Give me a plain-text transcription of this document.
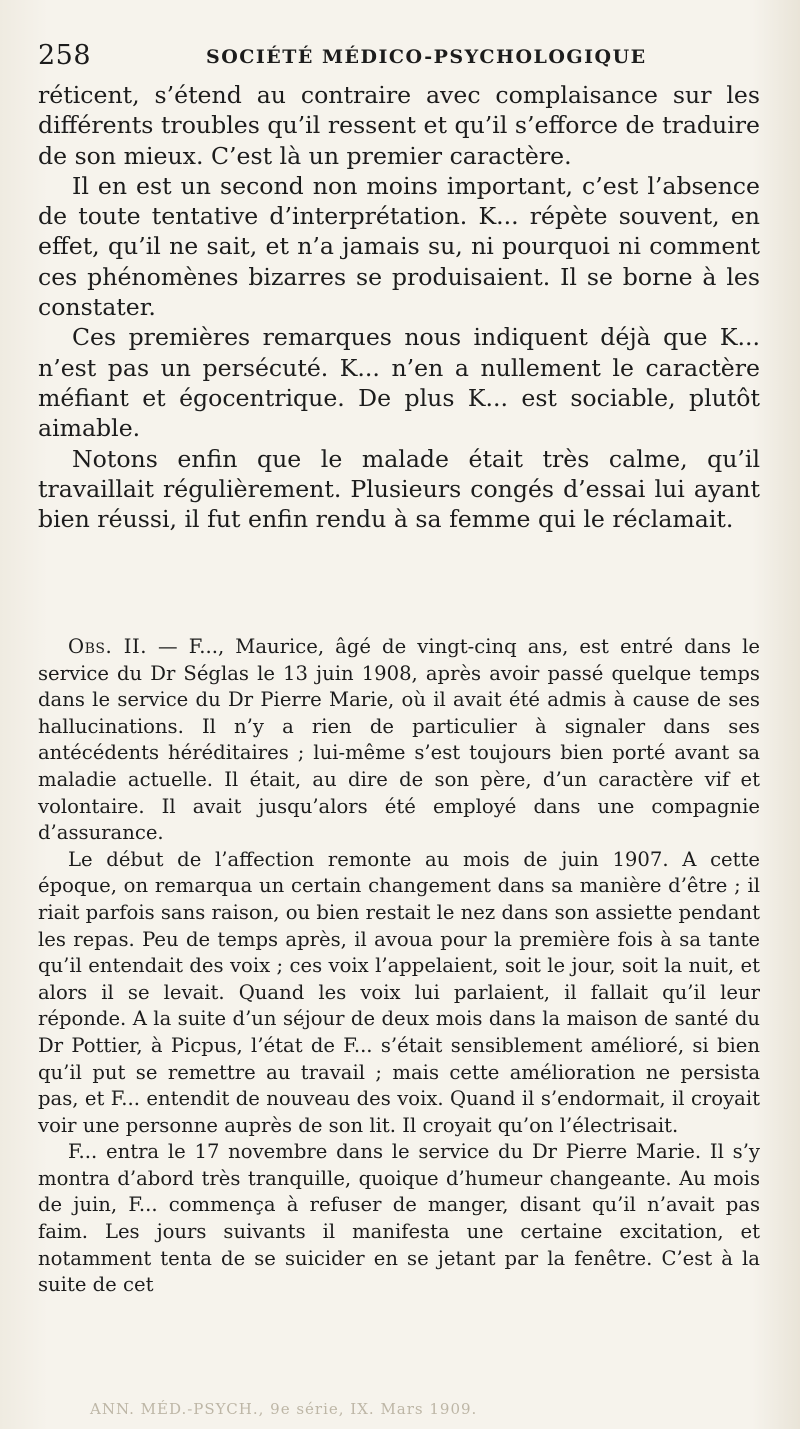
258	SOCIÉTÉ MÉDICO-PSYCHOLOGIQUE

réticent, s’étend au contraire avec complaisance sur les différents troubles qu’il ressent et qu’il s’efforce de traduire de son mieux. C’est là un premier caractère.

Il en est un second non moins important, c’est l’absence de toute tentative d’interprétation. K... répète souvent, en effet, qu’il ne sait, et n’a jamais su, ni pourquoi ni comment ces phénomènes bizarres se produisaient. Il se borne à les constater.

Ces premières remarques nous indiquent déjà que K... n’est pas un persécuté. K... n’en a nullement le caractère méfiant et égocentrique. De plus K... est sociable, plutôt aimable.

Notons enfin que le malade était très calme, qu’il travaillait régulièrement. Plusieurs congés d’essai lui ayant bien réussi, il fut enfin rendu à sa femme qui le réclamait.

Obs. II. — F..., Maurice, âgé de vingt-cinq ans, est entré dans le service du Dr Séglas le 13 juin 1908, après avoir passé quelque temps dans le service du Dr Pierre Marie, où il avait été admis à cause de ses hallucinations. Il n’y a rien de particulier à signaler dans ses antécédents héréditaires ; lui-même s’est toujours bien porté avant sa maladie actuelle. Il était, au dire de son père, d’un caractère vif et volontaire. Il avait jusqu’alors été employé dans une compagnie d’assurance.

Le début de l’affection remonte au mois de juin 1907. A cette époque, on remarqua un certain changement dans sa manière d’être ; il riait parfois sans raison, ou bien restait le nez dans son assiette pendant les repas. Peu de temps après, il avoua pour la première fois à sa tante qu’il entendait des voix ; ces voix l’appelaient, soit le jour, soit la nuit, et alors il se levait. Quand les voix lui parlaient, il fallait qu’il leur réponde. A la suite d’un séjour de deux mois dans la maison de santé du Dr Pottier, à Picpus, l’état de F... s’était sensiblement amélioré, si bien qu’il put se remettre au travail ; mais cette amélioration ne persista pas, et F... entendit de nouveau des voix. Quand il s’endormait, il croyait voir une personne auprès de son lit. Il croyait qu’on l’électrisait.

F... entra le 17 novembre dans le service du Dr Pierre Marie. Il s’y montra d’abord très tranquille, quoique d’humeur changeante. Au mois de juin, F... commença à refuser de manger, disant qu’il n’avait pas faim. Les jours suivants il manifesta une certaine excitation, et notamment tenta de se suicider en se jetant par la fenêtre. C’est à la suite de cet

ANN. MÉD.-PSYCH., 9e série, IX. Mars 1909.
